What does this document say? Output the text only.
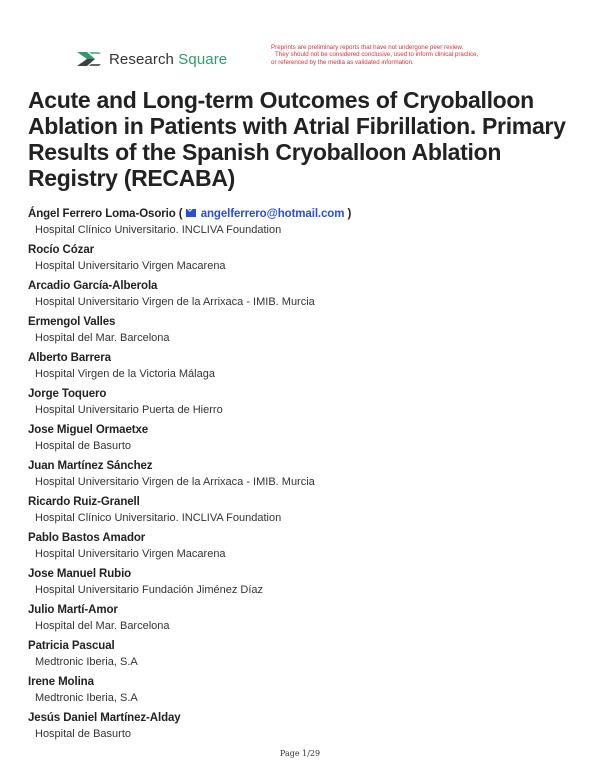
Research Square
Preprints are preliminary reports that have not undergone peer review.
They should not be considered conclusive, used to inform clinical practice,
or referenced by the media as validated information.
Acute and Long-term Outcomes of Cryoballoon Ablation in Patients with Atrial Fibrillation. Primary Results of the Spanish Cryoballoon Ablation Registry (RECABA)
Ángel Ferrero Loma-Osorio (  angelferrero@hotmail.com )
Hospital Clínico Universitario. INCLIVA Foundation
Rocío Cózar
Hospital Universitario Virgen Macarena
Arcadio García-Alberola
Hospital Universitario Virgen de la Arrixaca - IMIB. Murcia
Ermengol Valles
Hospital del Mar. Barcelona
Alberto Barrera
Hospital Virgen de la Victoria Málaga
Jorge Toquero
Hospital Universitario Puerta de Hierro
Jose Miguel Ormaetxe
Hospital de Basurto
Juan Martínez Sánchez
Hospital Universitario Virgen de la Arrixaca - IMIB. Murcia
Ricardo Ruiz-Granell
Hospital Clínico Universitario. INCLIVA Foundation
Pablo Bastos Amador
Hospital Universitario Virgen Macarena
Jose Manuel Rubio
Hospital Universitario Fundación Jiménez Díaz
Julio Martí-Amor
Hospital del Mar. Barcelona
Patricia Pascual
Medtronic Iberia, S.A
Irene Molina
Medtronic Iberia, S.A
Jesús Daniel Martínez-Alday
Hospital de Basurto
Page 1/29
